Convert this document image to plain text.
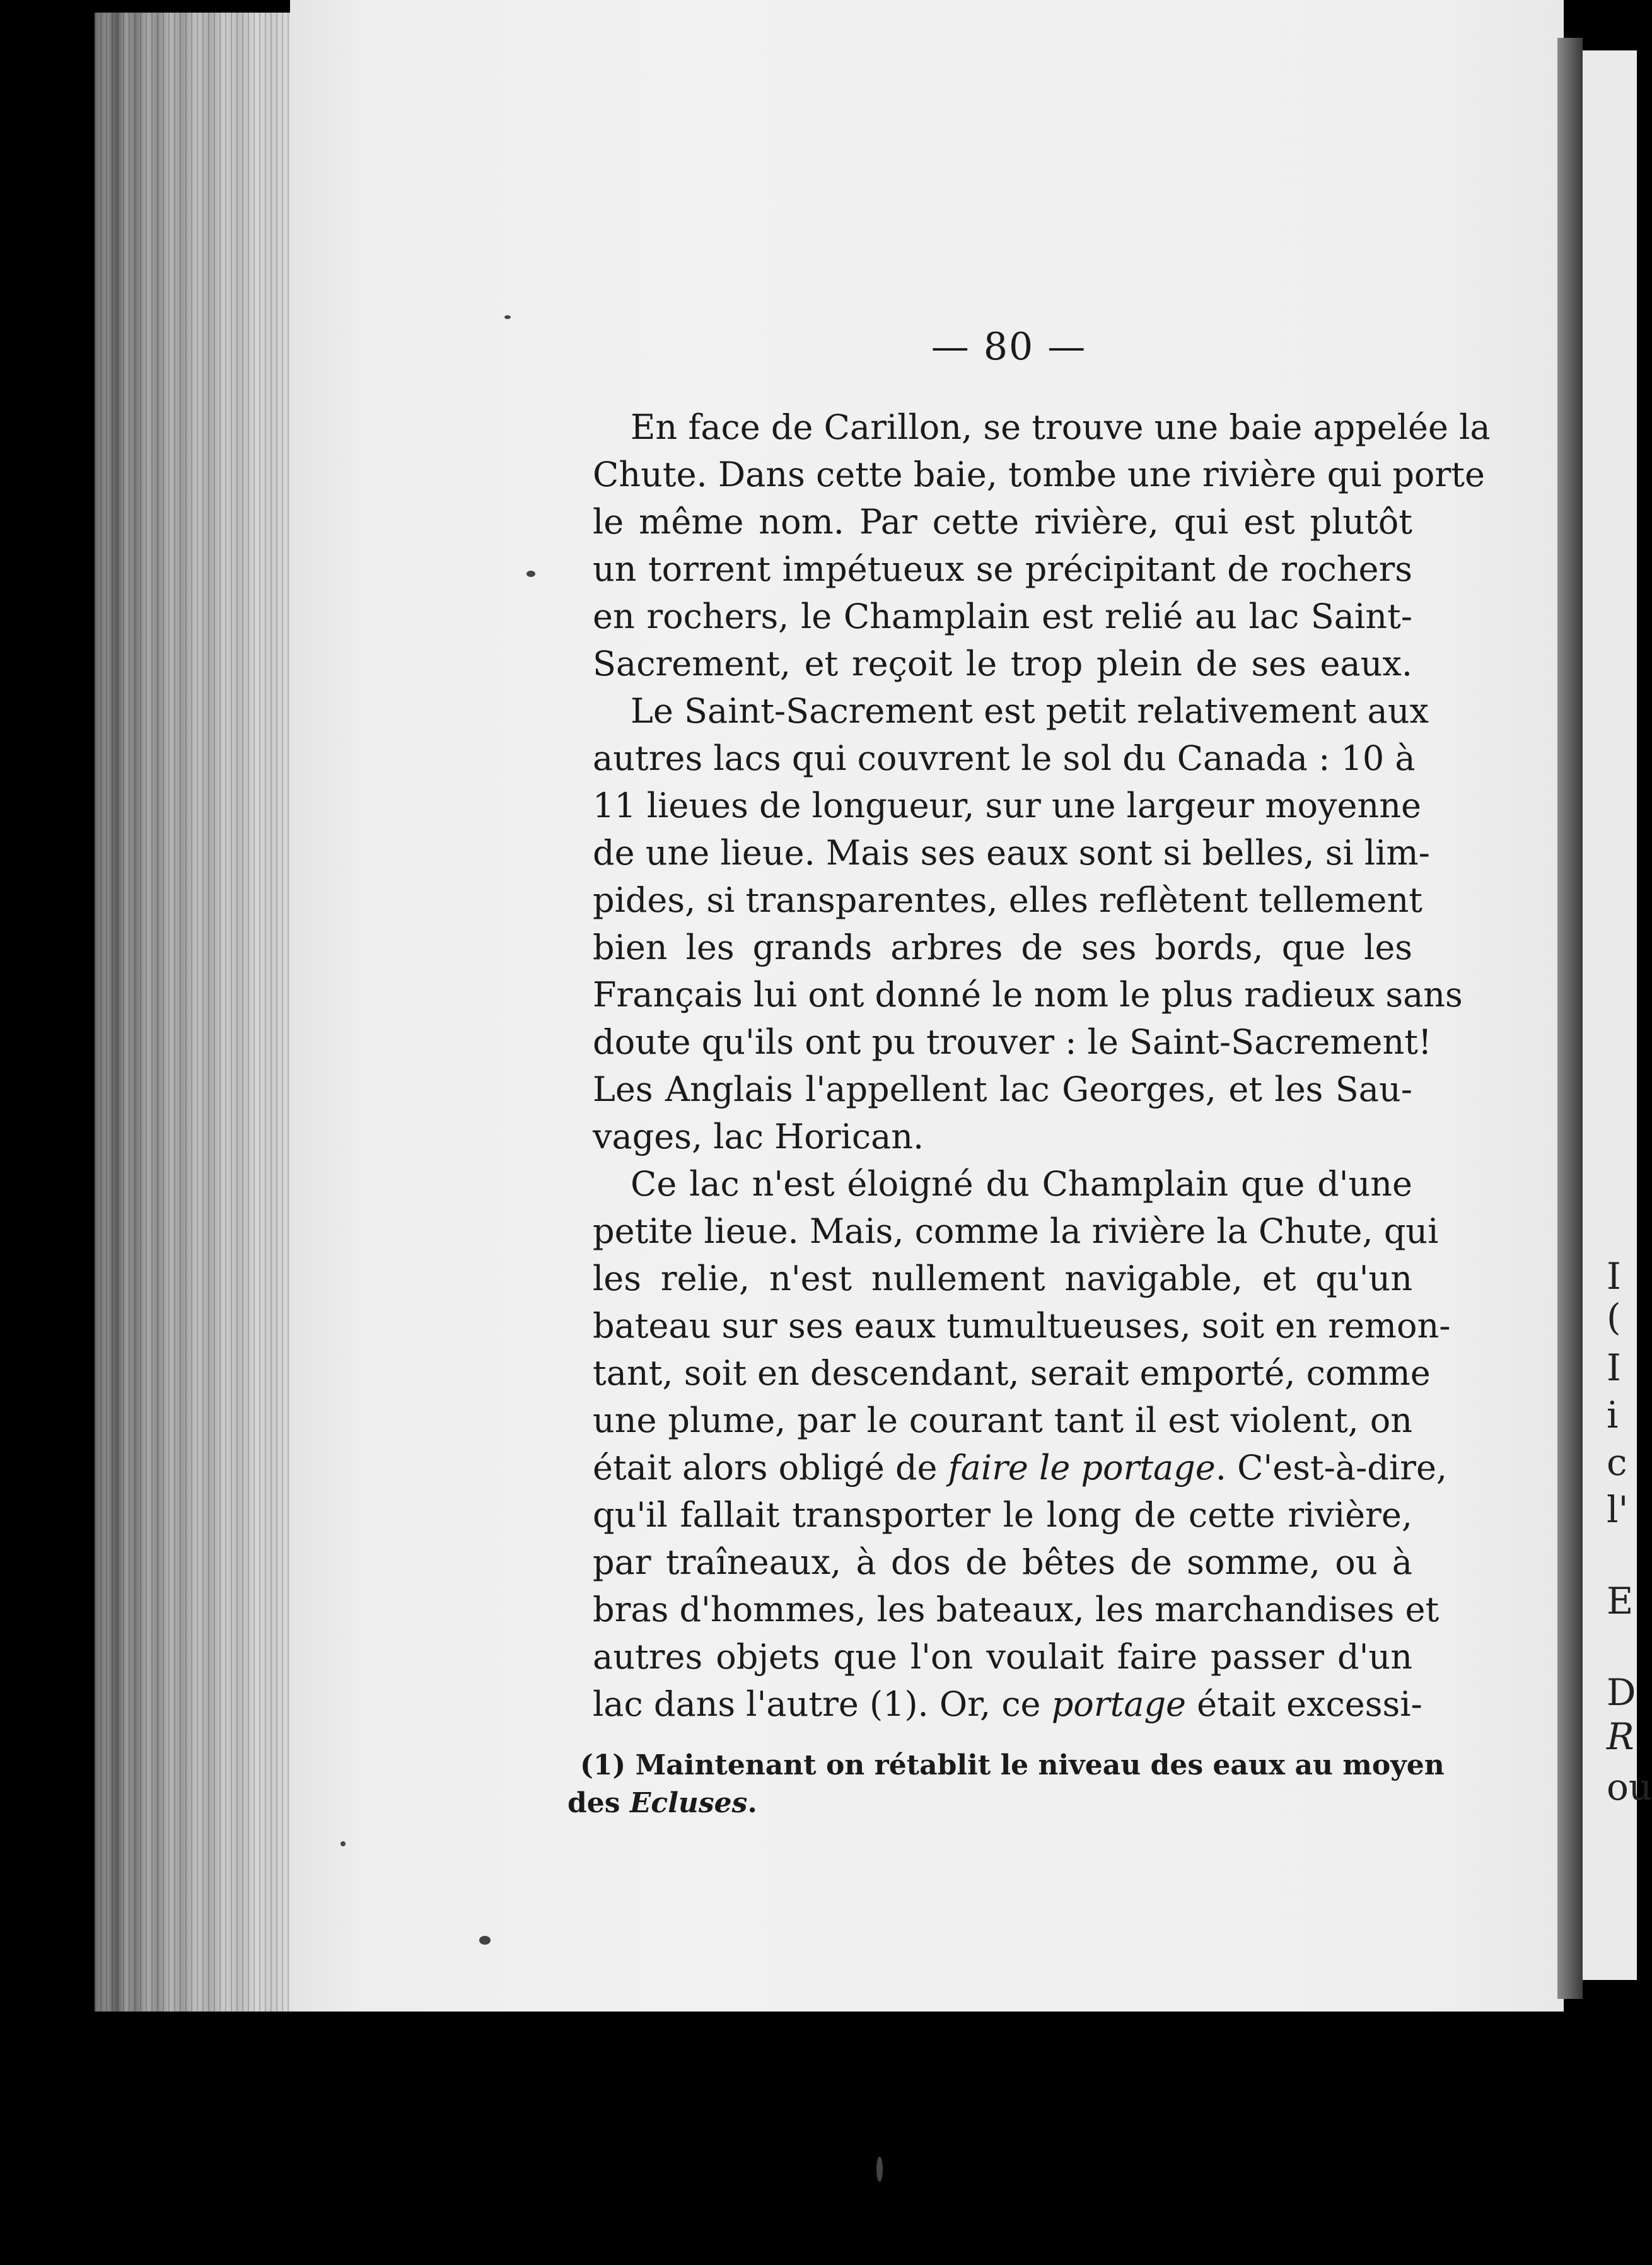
I
(
I
i
c
l'
E
D
R
ou
— 80 —
En face de Carillon, se trouve une baie appelée la
Chute. Dans cette baie, tombe une rivière qui porte
le même nom. Par cette rivière, qui est plutôt
un torrent impétueux se précipitant de rochers
en rochers, le Champlain est relié au lac Saint-
Sacrement, et reçoit le trop plein de ses eaux.
Le Saint-Sacrement est petit relativement aux
autres lacs qui couvrent le sol du Canada : 10 à
11 lieues de longueur, sur une largeur moyenne
de une lieue. Mais ses eaux sont si belles, si lim-
pides, si transparentes, elles reflètent tellement
bien les grands arbres de ses bords, que les
Français lui ont donné le nom le plus radieux sans
doute qu'ils ont pu trouver : le Saint-Sacrement!
Les Anglais l'appellent lac Georges, et les Sau-
vages, lac Horican.
Ce lac n'est éloigné du Champlain que d'une
petite lieue. Mais, comme la rivière la Chute, qui
les relie, n'est nullement navigable, et qu'un
bateau sur ses eaux tumultueuses, soit en remon-
tant, soit en descendant, serait emporté, comme
une plume, par le courant tant il est violent, on
était alors obligé de faire le portage. C'est-à-dire,
qu'il fallait transporter le long de cette rivière,
par traîneaux, à dos de bêtes de somme, ou à
bras d'hommes, les bateaux, les marchandises et
autres objets que l'on voulait faire passer d'un
lac dans l'autre (1). Or, ce portage était excessi-
(1) Maintenant on rétablit le niveau des eaux au moyen
des Ecluses.
